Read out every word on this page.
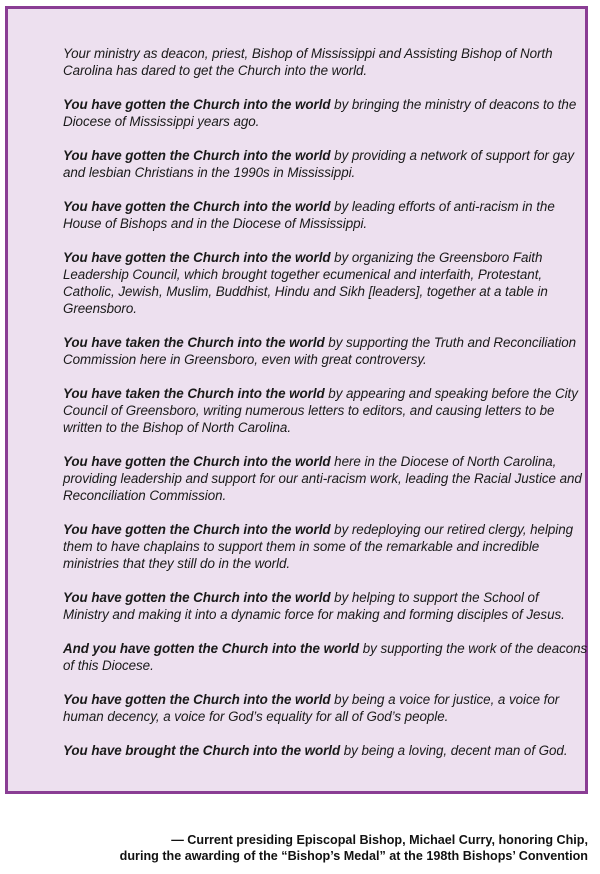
Your ministry as deacon, priest, Bishop of Mississippi and Assisting Bishop of North Carolina has dared to get the Church into the world.

You have gotten the Church into the world by bringing the ministry of deacons to the Diocese of Mississippi years ago.

You have gotten the Church into the world by providing a network of support for gay and lesbian Christians in the 1990s in Mississippi.

You have gotten the Church into the world by leading efforts of anti-racism in the House of Bishops and in the Diocese of Mississippi.

You have gotten the Church into the world by organizing the Greensboro Faith Leadership Council, which brought together ecumenical and interfaith, Protestant, Catholic, Jewish, Muslim, Buddhist, Hindu and Sikh [leaders], together at a table in Greensboro.

You have taken the Church into the world by supporting the Truth and Reconciliation Commission here in Greensboro, even with great controversy.

You have taken the Church into the world by appearing and speaking before the City Council of Greensboro, writing numerous letters to editors, and causing letters to be written to the Bishop of North Carolina.

You have gotten the Church into the world here in the Diocese of North Carolina, providing leadership and support for our anti-racism work, leading the Racial Justice and Reconciliation Commission.

You have gotten the Church into the world by redeploying our retired clergy, helping them to have chaplains to support them in some of the remarkable and incredible ministries that they still do in the world.

You have gotten the Church into the world by helping to support the School of Ministry and making it into a dynamic force for making and forming disciples of Jesus.

And you have gotten the Church into the world by supporting the work of the deacons of this Diocese.

You have gotten the Church into the world by being a voice for justice, a voice for human decency, a voice for God’s equality for all of God’s people.

You have brought the Church into the world by being a loving, decent man of God.

— Current presiding Episcopal Bishop, Michael Curry, honoring Chip,
during the awarding of the “Bishop’s Medal” at the 198th Bishops’ Convention
